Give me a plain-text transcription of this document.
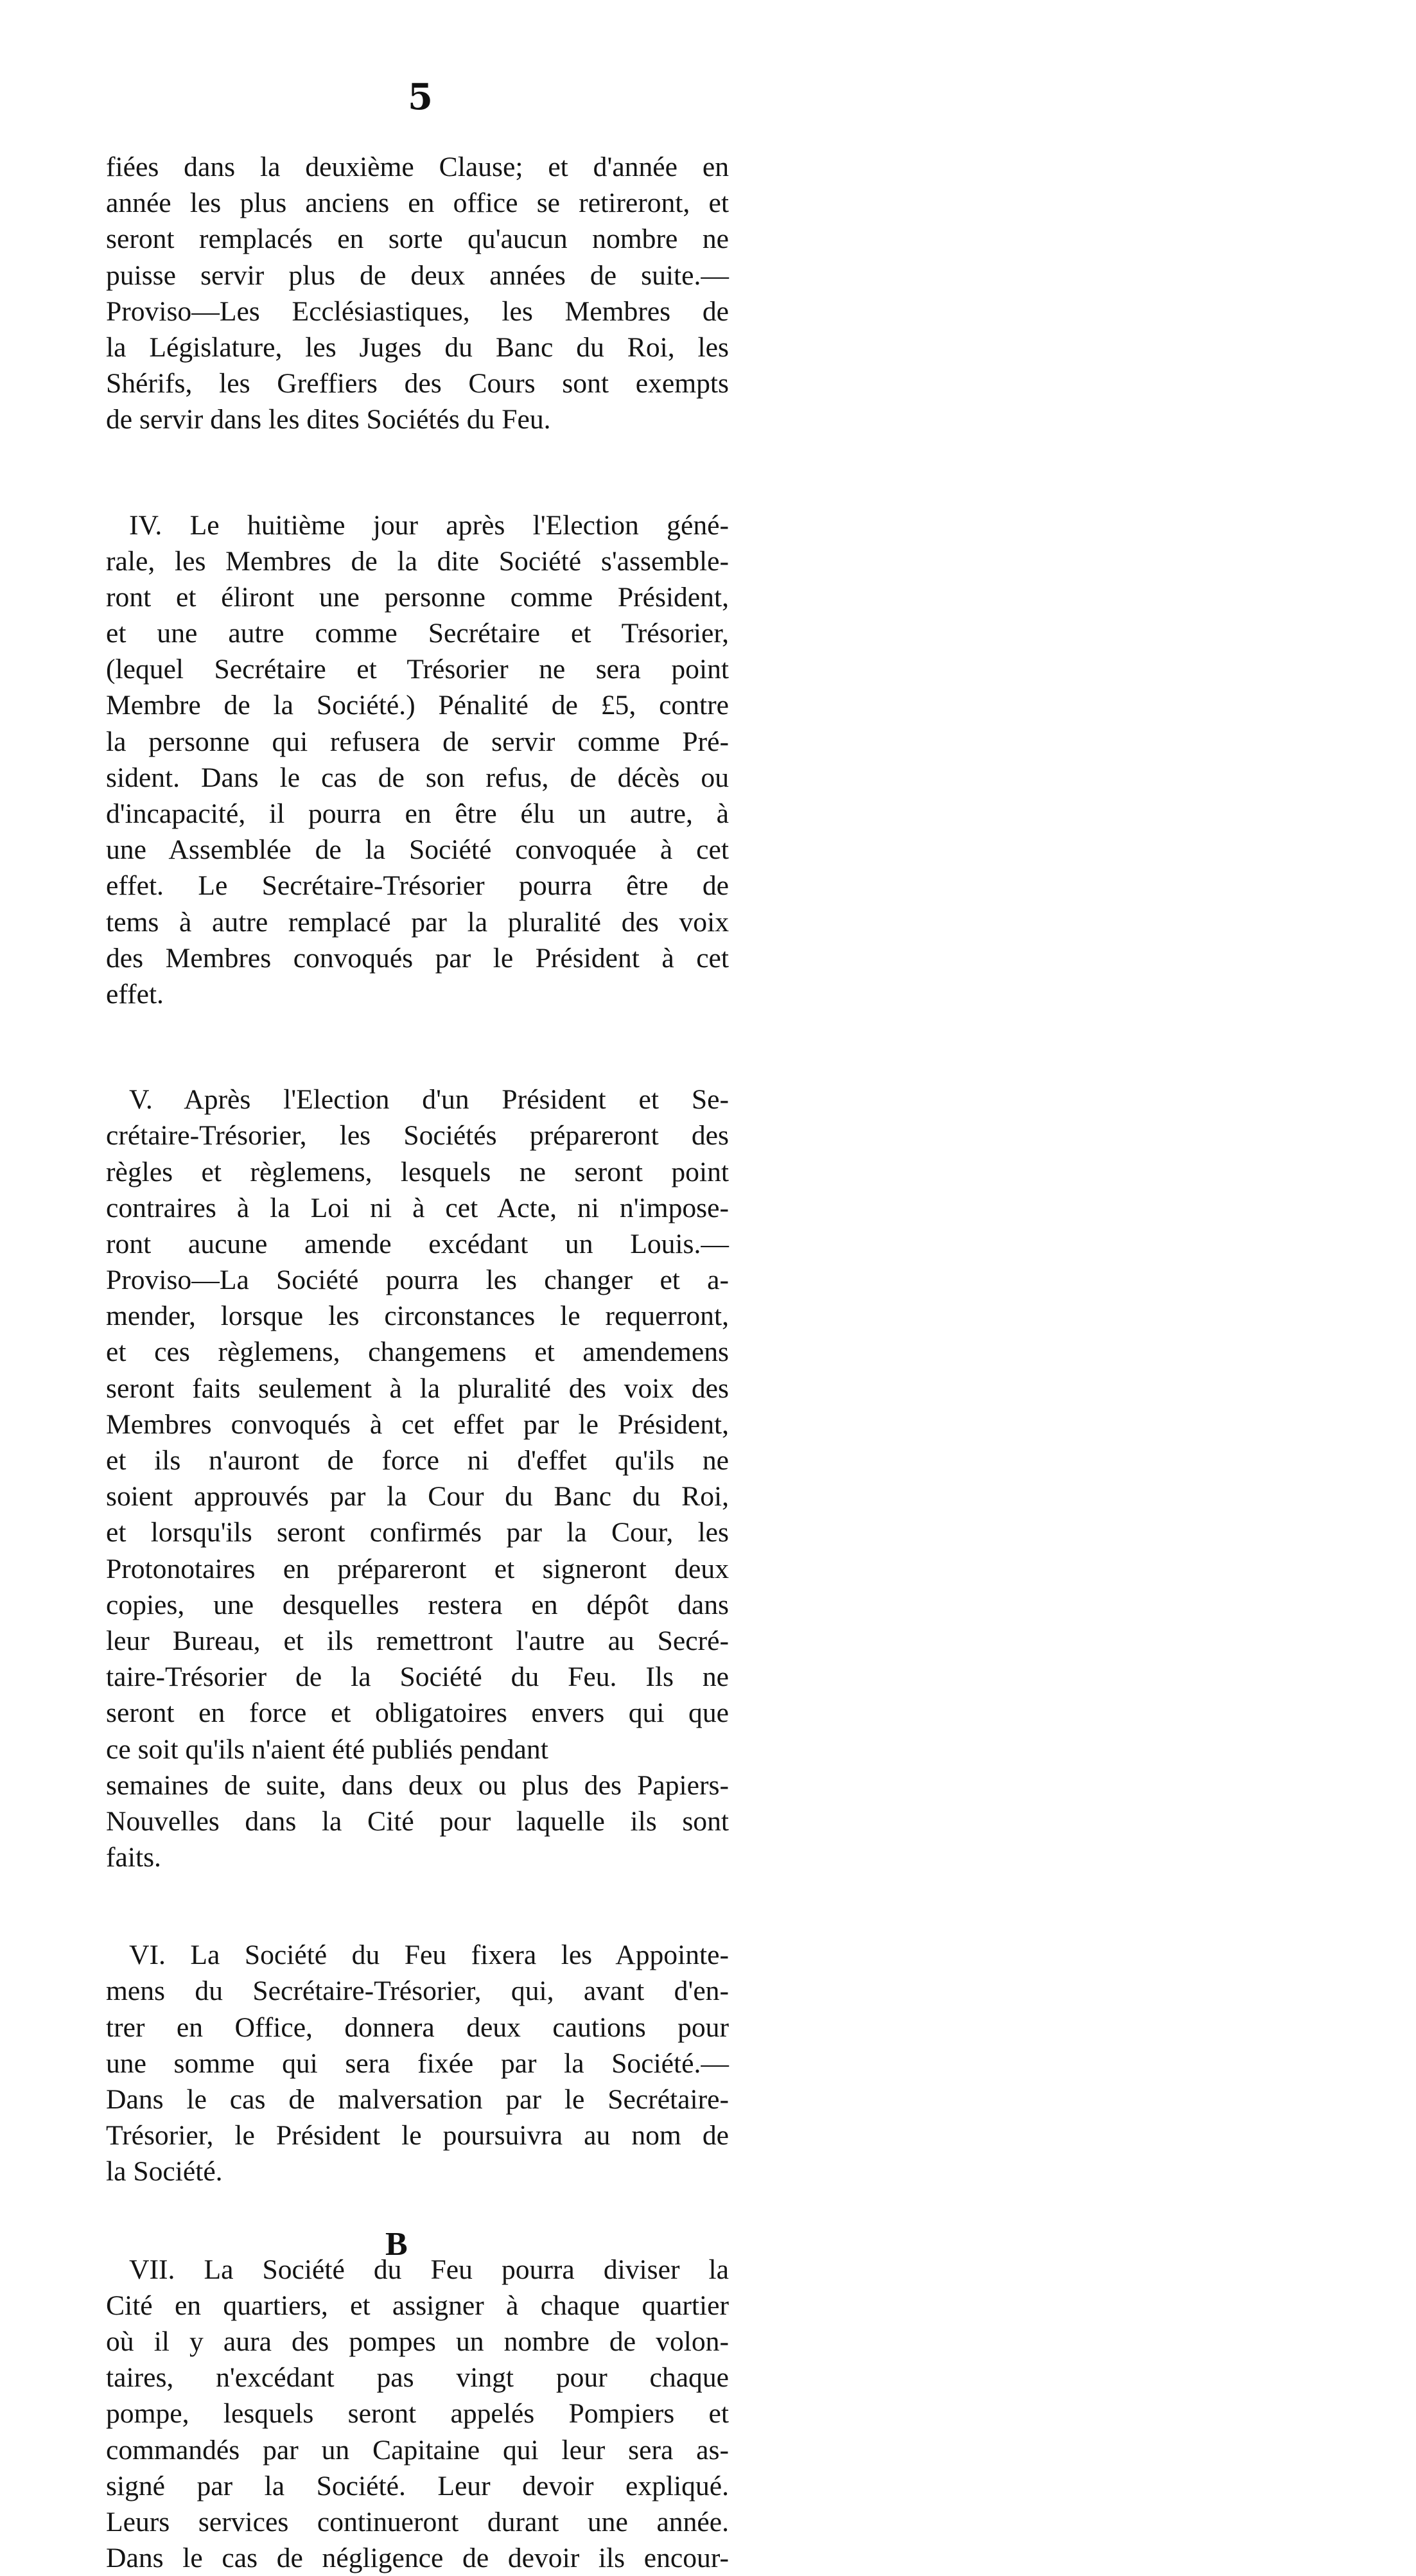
5
fiées dans la deuxième Clause; et d'année en
année les plus anciens en office se retireront, et
seront remplacés en sorte qu'aucun nombre ne
puisse servir plus de deux années de suite.—
Proviso—Les Ecclésiastiques, les Membres de
la Législature, les Juges du Banc du Roi, les
Shérifs, les Greffiers des Cours sont exempts
de servir dans les dites Sociétés du Feu.
IV. Le huitième jour après l'Election géné-
rale, les Membres de la dite Société s'assemble-
ront et éliront une personne comme Président,
et une autre comme Secrétaire et Trésorier,
(lequel Secrétaire et Trésorier ne sera point
Membre de la Société.) Pénalité de £5, contre
la personne qui refusera de servir comme Pré-
sident. Dans le cas de son refus, de décès ou
d'incapacité, il pourra en être élu un autre, à
une Assemblée de la Société convoquée à cet
effet. Le Secrétaire-Trésorier pourra être de
tems à autre remplacé par la pluralité des voix
des Membres convoqués par le Président à cet
effet.
V. Après l'Election d'un Président et Se-
crétaire-Trésorier, les Sociétés prépareront des
règles et règlemens, lesquels ne seront point
contraires à la Loi ni à cet Acte, ni n'impose-
ront aucune amende excédant un Louis.—
Proviso—La Société pourra les changer et a-
mender, lorsque les circonstances le requerront,
et ces règlemens, changemens et amendemens
seront faits seulement à la pluralité des voix des
Membres convoqués à cet effet par le Président,
et ils n'auront de force ni d'effet qu'ils ne
soient approuvés par la Cour du Banc du Roi,
et lorsqu'ils seront confirmés par la Cour, les
Protonotaires en prépareront et signeront deux
copies, une desquelles restera en dépôt dans
leur Bureau, et ils remettront l'autre au Secré-
taire-Trésorier de la Société du Feu. Ils ne
seront en force et obligatoires envers qui que
ce soit qu'ils n'aient été publiés pendant
semaines de suite, dans deux ou plus des Papiers-
Nouvelles dans la Cité pour laquelle ils sont
faits.
VI. La Société du Feu fixera les Appointe-
mens du Secrétaire-Trésorier, qui, avant d'en-
trer en Office, donnera deux cautions pour
une somme qui sera fixée par la Société.—
Dans le cas de malversation par le Secrétaire-
Trésorier, le Président le poursuivra au nom de
la Société.
VII. La Société du Feu pourra diviser la
Cité en quartiers, et assigner à chaque quartier
où il y aura des pompes un nombre de volon-
taires, n'excédant pas vingt pour chaque
pompe, lesquels seront appelés Pompiers et
commandés par un Capitaine qui leur sera as-
signé par la Société. Leur devoir expliqué.
Leurs services continueront durant une année.
Dans le cas de négligence de devoir ils encour-
B
